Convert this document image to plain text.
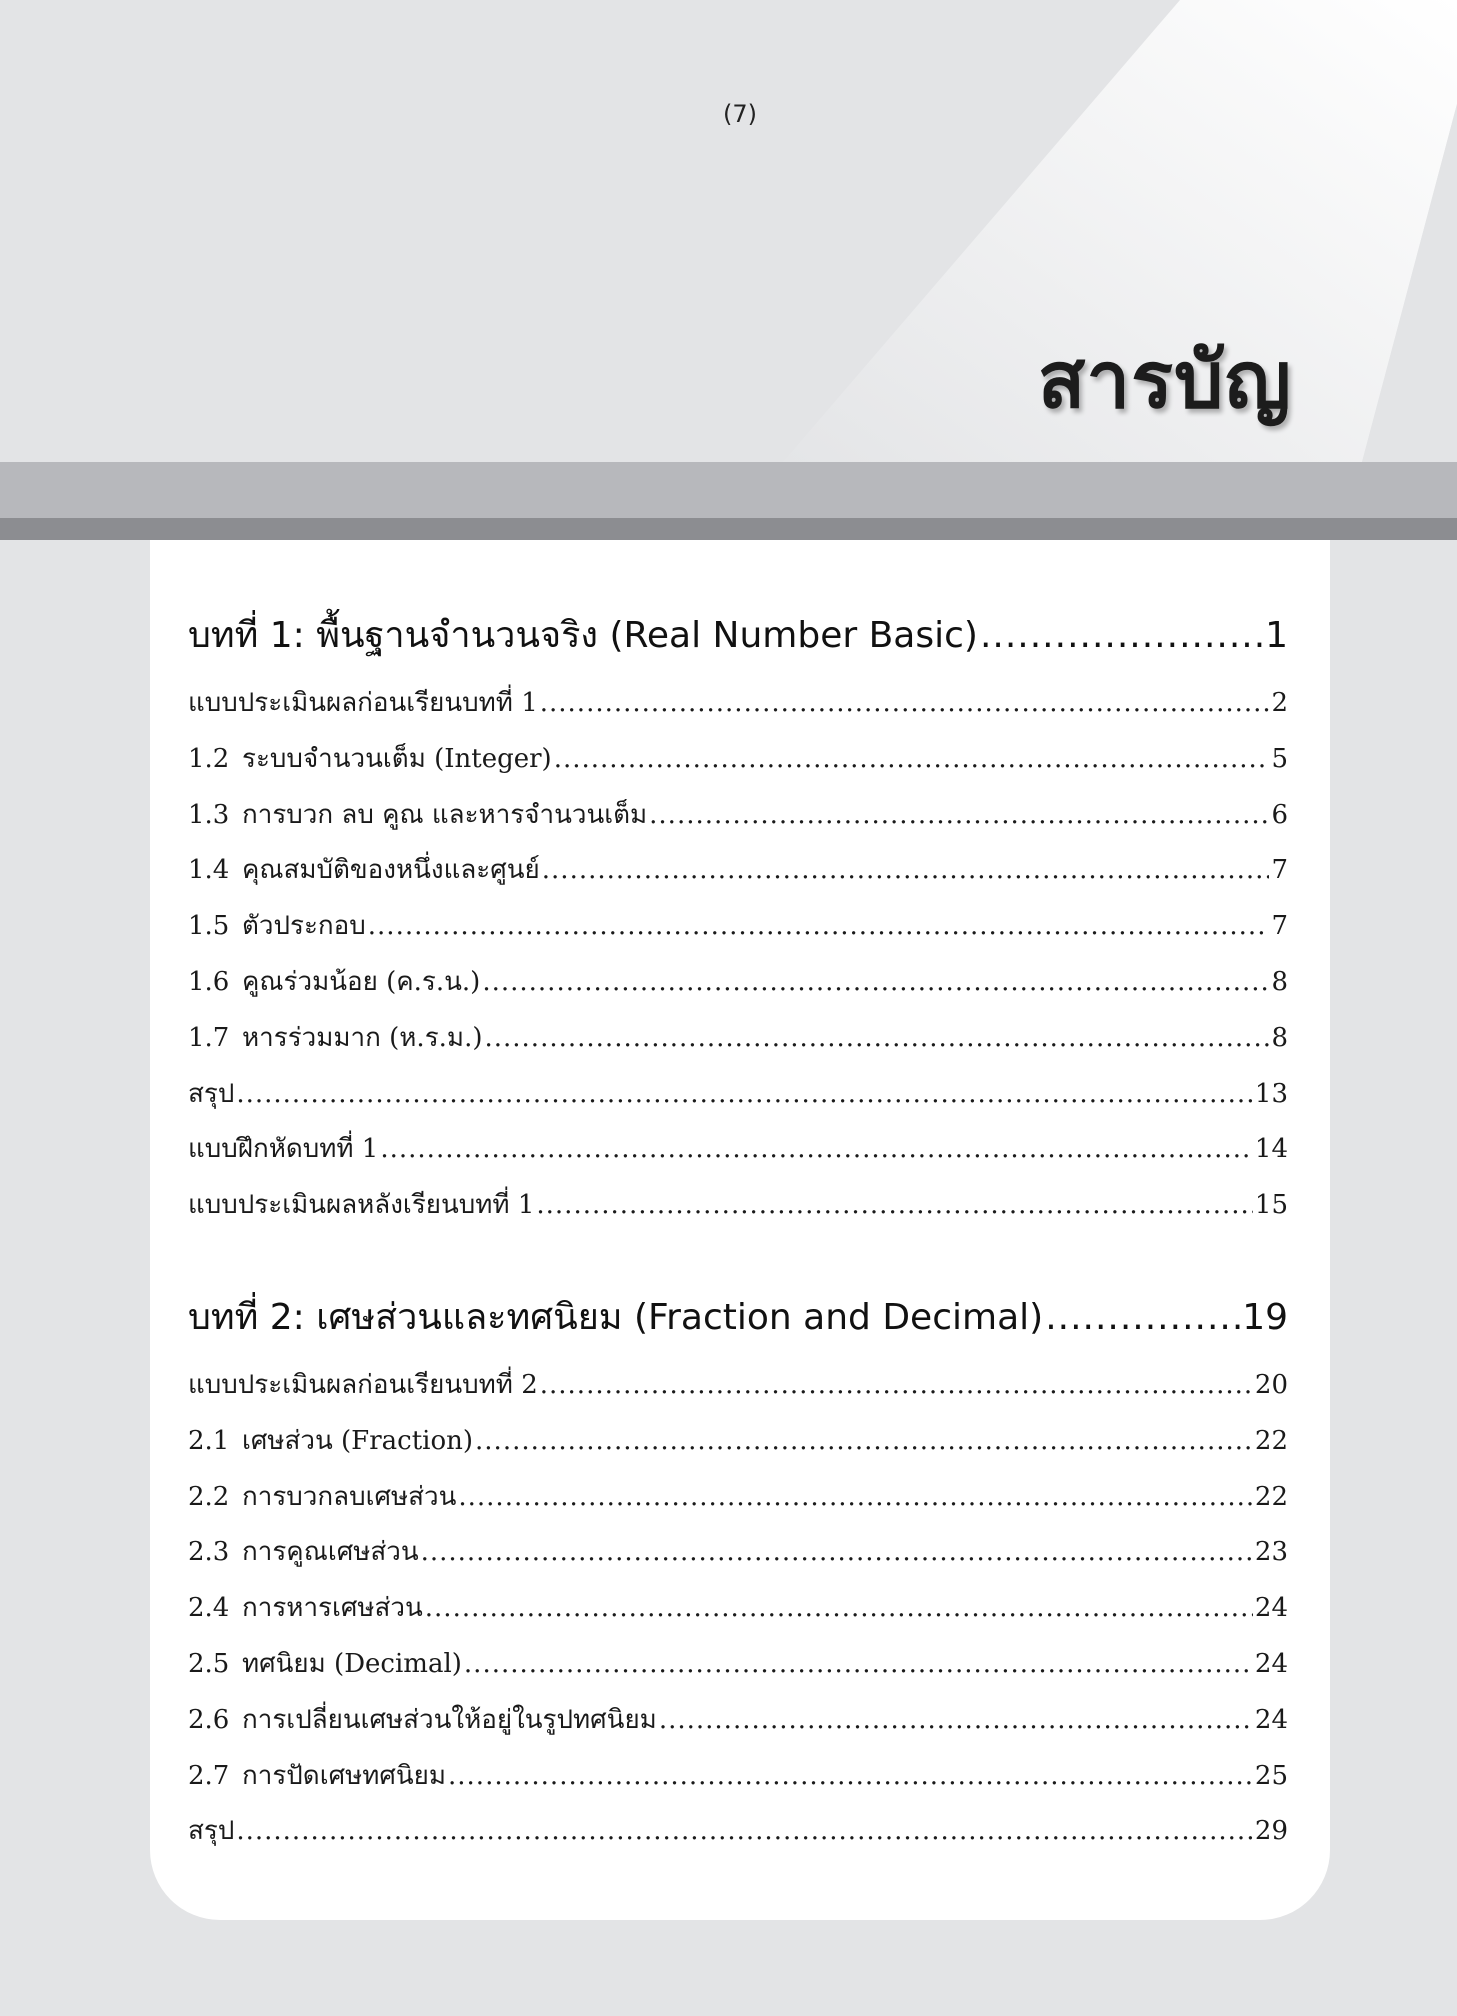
(7)
สารบัญ
บทที่ 1: พื้นฐานจำนวนจริง (Real Number Basic) .....	1
แบบประเมินผลก่อนเรียนบทที่ 1 .....	2
1.2 ระบบจำนวนเต็ม (Integer) .....	5
1.3 การบวก ลบ คูณ และหารจำนวนเต็ม .....	6
1.4 คุณสมบัติของหนึ่งและศูนย์ .....	7
1.5 ตัวประกอบ .....	7
1.6 คูณร่วมน้อย (ค.ร.น.) .....	8
1.7 หารร่วมมาก (ห.ร.ม.) .....	8
สรุป .....	13
แบบฝึกหัดบทที่ 1 .....	14
แบบประเมินผลหลังเรียนบทที่ 1 .....	15
บทที่ 2: เศษส่วนและทศนิยม (Fraction and Decimal) .....	19
แบบประเมินผลก่อนเรียนบทที่ 2 .....	20
2.1 เศษส่วน (Fraction) .....	22
2.2 การบวกลบเศษส่วน .....	22
2.3 การคูณเศษส่วน .....	23
2.4 การหารเศษส่วน .....	24
2.5 ทศนิยม (Decimal) .....	24
2.6 การเปลี่ยนเศษส่วนให้อยู่ในรูปทศนิยม .....	24
2.7 การปัดเศษทศนิยม .....	25
สรุป .....	29
